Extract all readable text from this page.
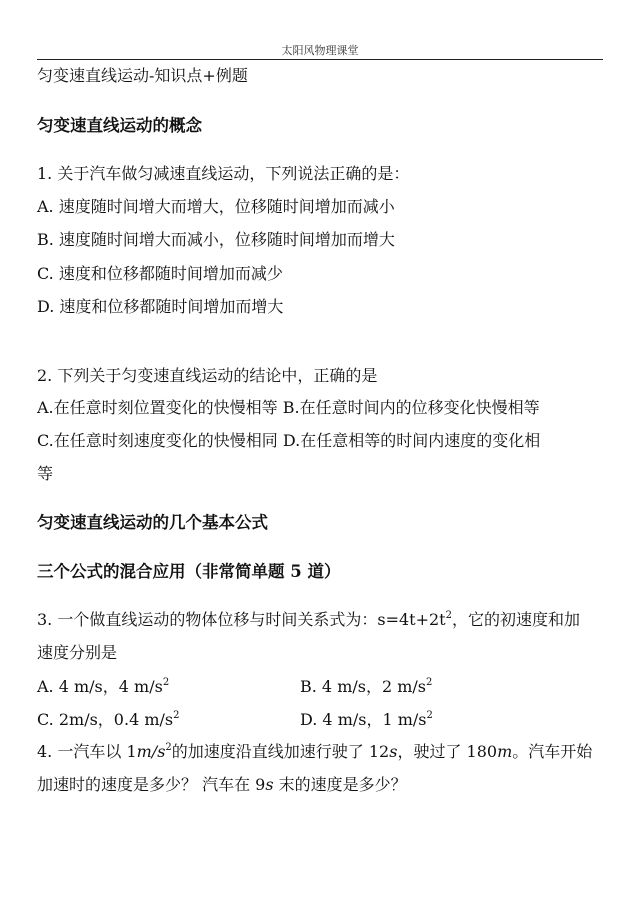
太阳风物理课堂
匀变速直线运动-知识点+例题
匀变速直线运动的概念
1. 关于汽车做匀减速直线运动，下列说法正确的是：
A. 速度随时间增大而增大，位移随时间增加而减小
B. 速度随时间增大而减小，位移随时间增加而增大
C. 速度和位移都随时间增加而减少
D. 速度和位移都随时间增加而增大
2. 下列关于匀变速直线运动的结论中，正确的是
A.在任意时刻位置变化的快慢相等 B.在任意时间内的位移变化快慢相等
C.在任意时刻速度变化的快慢相同 D.在任意相等的时间内速度的变化相
等
匀变速直线运动的几个基本公式
三个公式的混合应用（非常简单题 5 道）
3. 一个做直线运动的物体位移与时间关系式为：$s=4t+2t^2$，它的初速度和加
速度分别是
A. 4 m/s，4 $m/s^2$	B. 4 m/s，2 $m/s^2$
C. 2m/s，0.4 $m/s^2$	D. 4 m/s，1 $m/s^2$
4. 一汽车以 $1m/s^2$的加速度沿直线加速行驶了 12s，驶过了 180m。汽车开始
加速时的速度是多少？ 汽车在 9s 末的速度是多少？
